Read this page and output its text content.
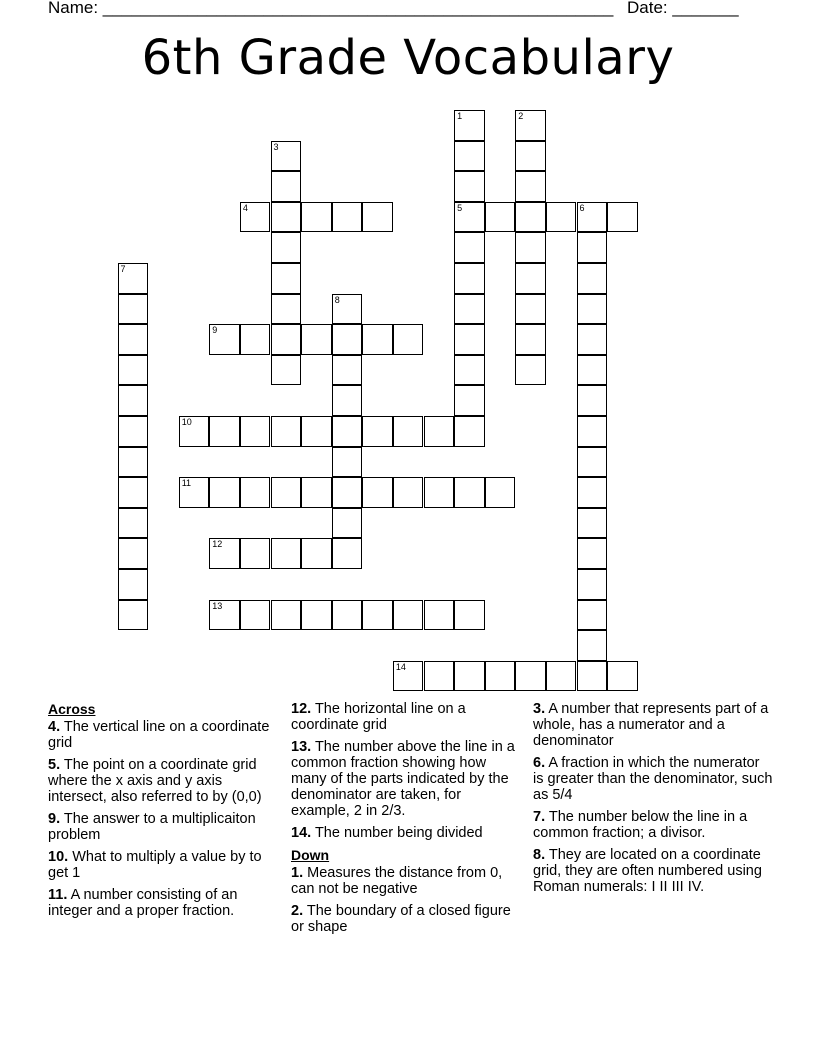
Name: ______________________________________________________ Date: _______
6th Grade Vocabulary
1
5
2
3
4	6
7
8
9
10
11
12
13
14
Across
4. The vertical line on a coordinate grid
5. The point on a coordinate grid where the x axis and y axis intersect, also referred to by (0,0)
9. The answer to a multiplicaiton problem
10. What to multiply a value by to get 1
11. A number consisting of an integer and a proper fraction.
12. The horizontal line on a coordinate grid
13. The number above the line in a common fraction showing how many of the parts indicated by the denominator are taken, for example, 2 in 2/3.
14. The number being divided
Down
1. Measures the distance from 0, can not be negative
2. The boundary of a closed figure or shape
3. A number that represents part of a whole, has a numerator and a denominator
6. A fraction in which the numerator is greater than the denominator, such as 5/4
7. The number below the line in a common fraction; a divisor.
8. They are located on a coordinate grid, they are often numbered using Roman numerals: I II III IV.
